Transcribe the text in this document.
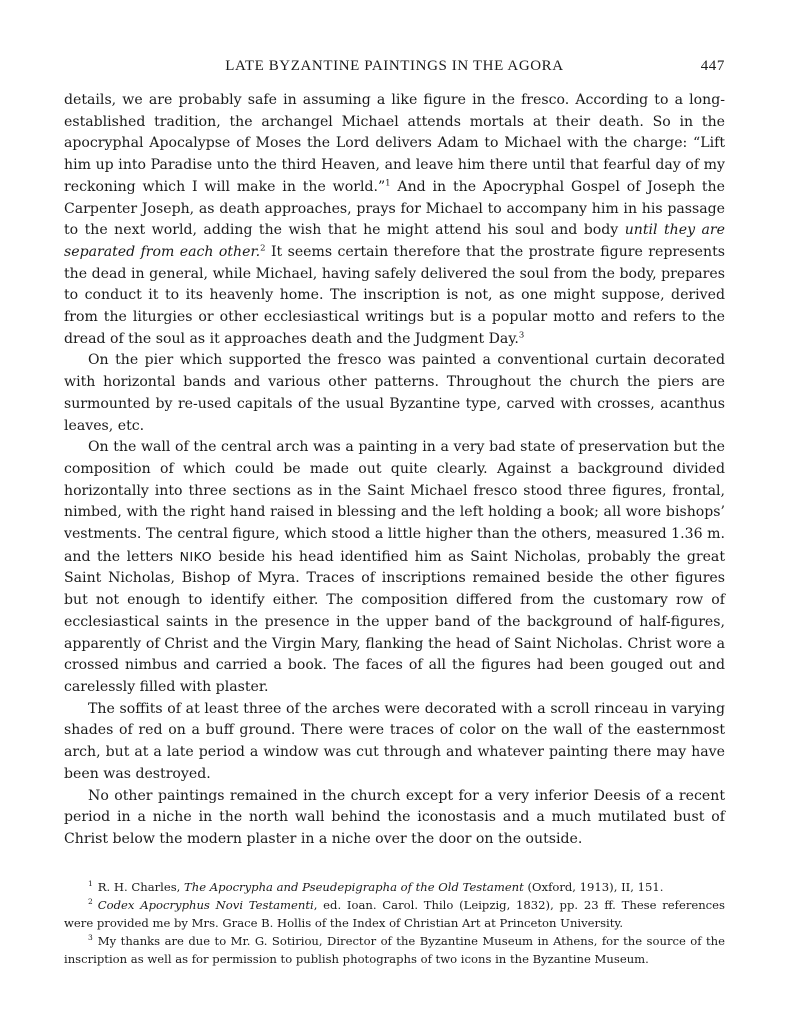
LATE BYZANTINE PAINTINGS IN THE AGORA	447

details, we are probably safe in assuming a like figure in the fresco. According to a long-established tradition, the archangel Michael attends mortals at their death. So in the apocryphal Apocalypse of Moses the Lord delivers Adam to Michael with the charge: “Lift him up into Paradise unto the third Heaven, and leave him there until that fearful day of my reckoning which I will make in the world.”$^1$ And in the Apocryphal Gospel of Joseph the Carpenter Joseph, as death approaches, prays for Michael to accompany him in his passage to the next world, adding the wish that he might attend his soul and body until they are separated from each other.$^2$ It seems certain therefore that the prostrate figure represents the dead in general, while Michael, having safely delivered the soul from the body, prepares to conduct it to its heavenly home. The inscription is not, as one might suppose, derived from the liturgies or other ecclesiastical writings but is a popular motto and refers to the dread of the soul as it approaches death and the Judgment Day.$^3$

On the pier which supported the fresco was painted a conventional curtain decorated with horizontal bands and various other patterns. Throughout the church the piers are surmounted by re-used capitals of the usual Byzantine type, carved with crosses, acanthus leaves, etc.

On the wall of the central arch was a painting in a very bad state of preservation but the composition of which could be made out quite clearly. Against a background divided horizontally into three sections as in the Saint Michael fresco stood three figures, frontal, nimbed, with the right hand raised in blessing and the left holding a book; all wore bishops’ vestments. The central figure, which stood a little higher than the others, measured 1.36 m. and the letters NIKO beside his head identified him as Saint Nicholas, probably the great Saint Nicholas, Bishop of Myra. Traces of inscriptions remained beside the other figures but not enough to identify either. The composition differed from the customary row of ecclesiastical saints in the presence in the upper band of the background of half-figures, apparently of Christ and the Virgin Mary, flanking the head of Saint Nicholas. Christ wore a crossed nimbus and carried a book. The faces of all the figures had been gouged out and carelessly filled with plaster.

The soffits of at least three of the arches were decorated with a scroll rinceau in varying shades of red on a buff ground. There were traces of color on the wall of the easternmost arch, but at a late period a window was cut through and whatever painting there may have been was destroyed.

No other paintings remained in the church except for a very inferior Deesis of a recent period in a niche in the north wall behind the iconostasis and a much mutilated bust of Christ below the modern plaster in a niche over the door on the outside.

$^1$ R. H. Charles, The Apocrypha and Pseudepigrapha of the Old Testament (Oxford, 1913), II, 151.

$^2$ Codex Apocryphus Novi Testamenti, ed. Ioan. Carol. Thilo (Leipzig, 1832), pp. 23 ff. These references were provided me by Mrs. Grace B. Hollis of the Index of Christian Art at Princeton University.

$^3$ My thanks are due to Mr. G. Sotiriou, Director of the Byzantine Museum in Athens, for the source of the inscription as well as for permission to publish photographs of two icons in the Byzantine Museum.
